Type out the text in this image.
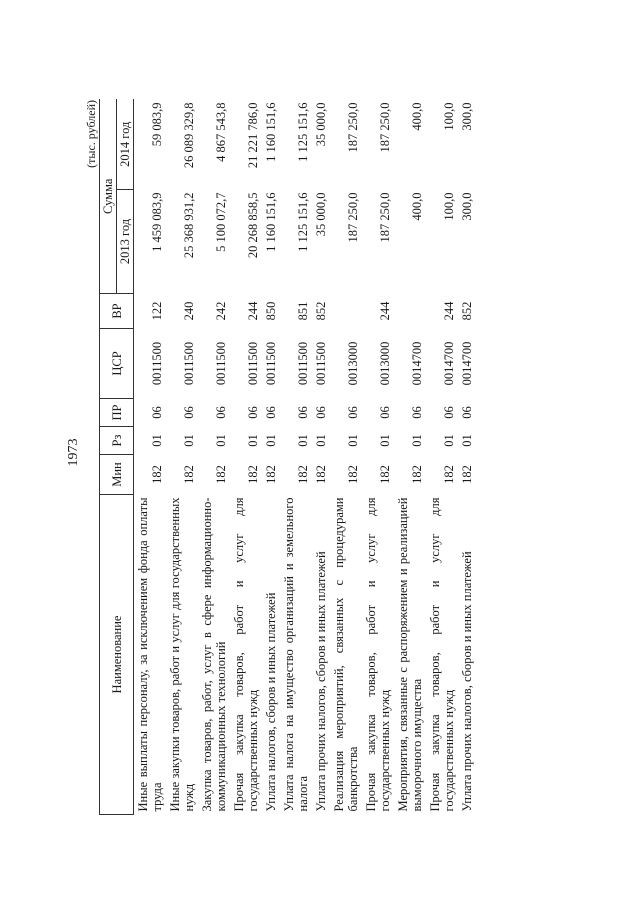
1973
(тыс. рублей)
Наименование	Мин	Рз	ПР	ЦСР	ВР	Сумма	
						2013 год	2014 год
Иные выплаты персоналу, за исключением фонда оплаты труда	182	01	06	0011500	122	1 459 083,9	59 083,9
Иные закупки товаров, работ и услуг для государственных нужд	182	01	06	0011500	240	25 368 931,2	26 089 329,8
Закупка товаров, работ, услуг в сфере информационно-коммуникационных технологий	182	01	06	0011500	242	5 100 072,7	4 867 543,8
Прочая закупка товаров, работ и услуг для государственных нужд	182	01	06	0011500	244	20 268 858,5	21 221 786,0
Уплата налогов, сборов и иных платежей	182	01	06	0011500	850	1 160 151,6	1 160 151,6
Уплата налога на имущество организаций и земельного налога	182	01	06	0011500	851	1 125 151,6	1 125 151,6
Уплата прочих налогов, сборов и иных платежей	182	01	06	0011500	852	35 000,0	35 000,0
Реализация мероприятий, связанных с процедурами банкротства	182	01	06	0013000		187 250,0	187 250,0
Прочая закупка товаров, работ и услуг для государственных нужд	182	01	06	0013000	244	187 250,0	187 250,0
Мероприятия, связанные с распоряжением и реализацией выморочного имущества	182	01	06	0014700		400,0	400,0
Прочая закупка товаров, работ и услуг для государственных нужд	182	01	06	0014700	244	100,0	100,0
Уплата прочих налогов, сборов и иных платежей	182	01	06	0014700	852	300,0	300,0
